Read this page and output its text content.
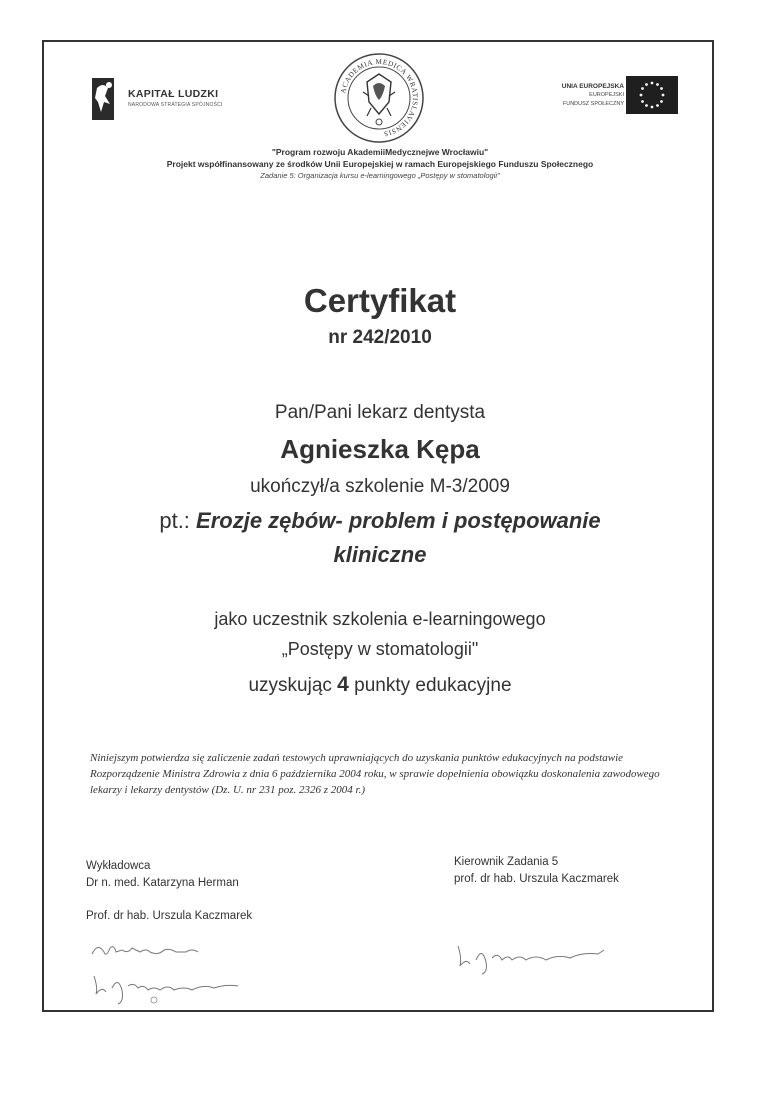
KAPITAŁ LUDZKI
NARODOWA STRATEGIA SPÓJNOŚCI
ACADEMIA MEDICA WRATISLAVIENSIS
UNIA EUROPEJSKA
EUROPEJSKI
FUNDUSZ SPOŁECZNY
"Program rozwoju AkademiiMedycznejwe Wrocławiu"
Projekt współfinansowany ze środków Unii Europejskiej w ramach Europejskiego Funduszu Społecznego
Zadanie 5: Organizacja kursu e-learningowego „Postępy w stomatologii"
Certyfikat
nr 242/2010
Pan/Pani lekarz dentysta
Agnieszka Kępa
ukończył/a szkolenie M-3/2009
pt.: Erozje zębów- problem i postępowanie
kliniczne
jako uczestnik szkolenia e-learningowego
„Postępy w stomatologii"
uzyskując 4 punkty edukacyjne
Niniejszym potwierdza się zaliczenie zadań testowych uprawniających do uzyskania punktów edukacyjnych na podstawie Rozporządzenie Ministra Zdrowia z dnia 6 października 2004 roku, w sprawie dopełnienia obowiązku doskonalenia zawodowego lekarzy i lekarzy dentystów (Dz. U. nr 231 poz. 2326 z 2004 r.)
Wykładowca
Dr n. med. Katarzyna Herman
Kierownik Zadania 5
prof. dr hab. Urszula Kaczmarek
Prof. dr hab. Urszula Kaczmarek
